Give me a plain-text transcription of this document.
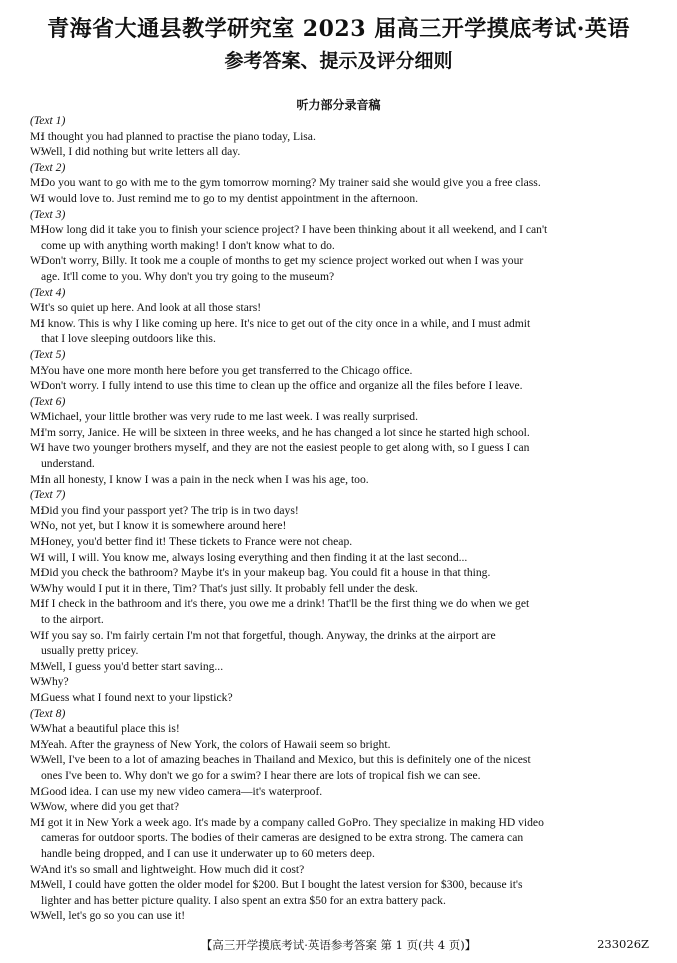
青海省大通县教学研究室 2023 届高三开学摸底考试·英语
参考答案、提示及评分细则
听力部分录音稿
(Text 1)
M:I thought you had planned to practise the piano today, Lisa.
W:Well, I did nothing but write letters all day.
(Text 2)
M:Do you want to go with me to the gym tomorrow morning? My trainer said she would give you a free class.
W:I would love to. Just remind me to go to my dentist appointment in the afternoon.
(Text 3)
M:How long did it take you to finish your science project? I have been thinking about it all weekend, and I can't
come up with anything worth making! I don't know what to do.
W:Don't worry, Billy. It took me a couple of months to get my science project worked out when I was your
age. It'll come to you. Why don't you try going to the museum?
(Text 4)
W:It's so quiet up here. And look at all those stars!
M:I know. This is why I like coming up here. It's nice to get out of the city once in a while, and I must admit
that I love sleeping outdoors like this.
(Text 5)
M:You have one more month here before you get transferred to the Chicago office.
W:Don't worry. I fully intend to use this time to clean up the office and organize all the files before I leave.
(Text 6)
W:Michael, your little brother was very rude to me last week. I was really surprised.
M:I'm sorry, Janice. He will be sixteen in three weeks, and he has changed a lot since he started high school.
W:I have two younger brothers myself, and they are not the easiest people to get along with, so I guess I can
understand.
M:In all honesty, I know I was a pain in the neck when I was his age, too.
(Text 7)
M:Did you find your passport yet? The trip is in two days!
W:No, not yet, but I know it is somewhere around here!
M:Honey, you'd better find it! These tickets to France were not cheap.
W:I will, I will. You know me, always losing everything and then finding it at the last second...
M:Did you check the bathroom? Maybe it's in your makeup bag. You could fit a house in that thing.
W:Why would I put it in there, Tim? That's just silly. It probably fell under the desk.
M:If I check in the bathroom and it's there, you owe me a drink! That'll be the first thing we do when we get
to the airport.
W:If you say so. I'm fairly certain I'm not that forgetful, though. Anyway, the drinks at the airport are
usually pretty pricey.
M:Well, I guess you'd better start saving...
W:Why?
M:Guess what I found next to your lipstick?
(Text 8)
W:What a beautiful place this is!
M:Yeah. After the grayness of New York, the colors of Hawaii seem so bright.
W:Well, I've been to a lot of amazing beaches in Thailand and Mexico, but this is definitely one of the nicest
ones I've been to. Why don't we go for a swim? I hear there are lots of tropical fish we can see.
M:Good idea. I can use my new video camera—it's waterproof.
W:Wow, where did you get that?
M:I got it in New York a week ago. It's made by a company called GoPro. They specialize in making HD video
cameras for outdoor sports. The bodies of their cameras are designed to be extra strong. The camera can
handle being dropped, and I can use it underwater up to 60 meters deep.
W:And it's so small and lightweight. How much did it cost?
M:Well, I could have gotten the older model for $200. But I bought the latest version for $300, because it's
lighter and has better picture quality. I also spent an extra $50 for an extra battery pack.
W:Well, let's go so you can use it!
【高三开学摸底考试·英语参考答案 第 1 页(共 4 页)】	233026Z
